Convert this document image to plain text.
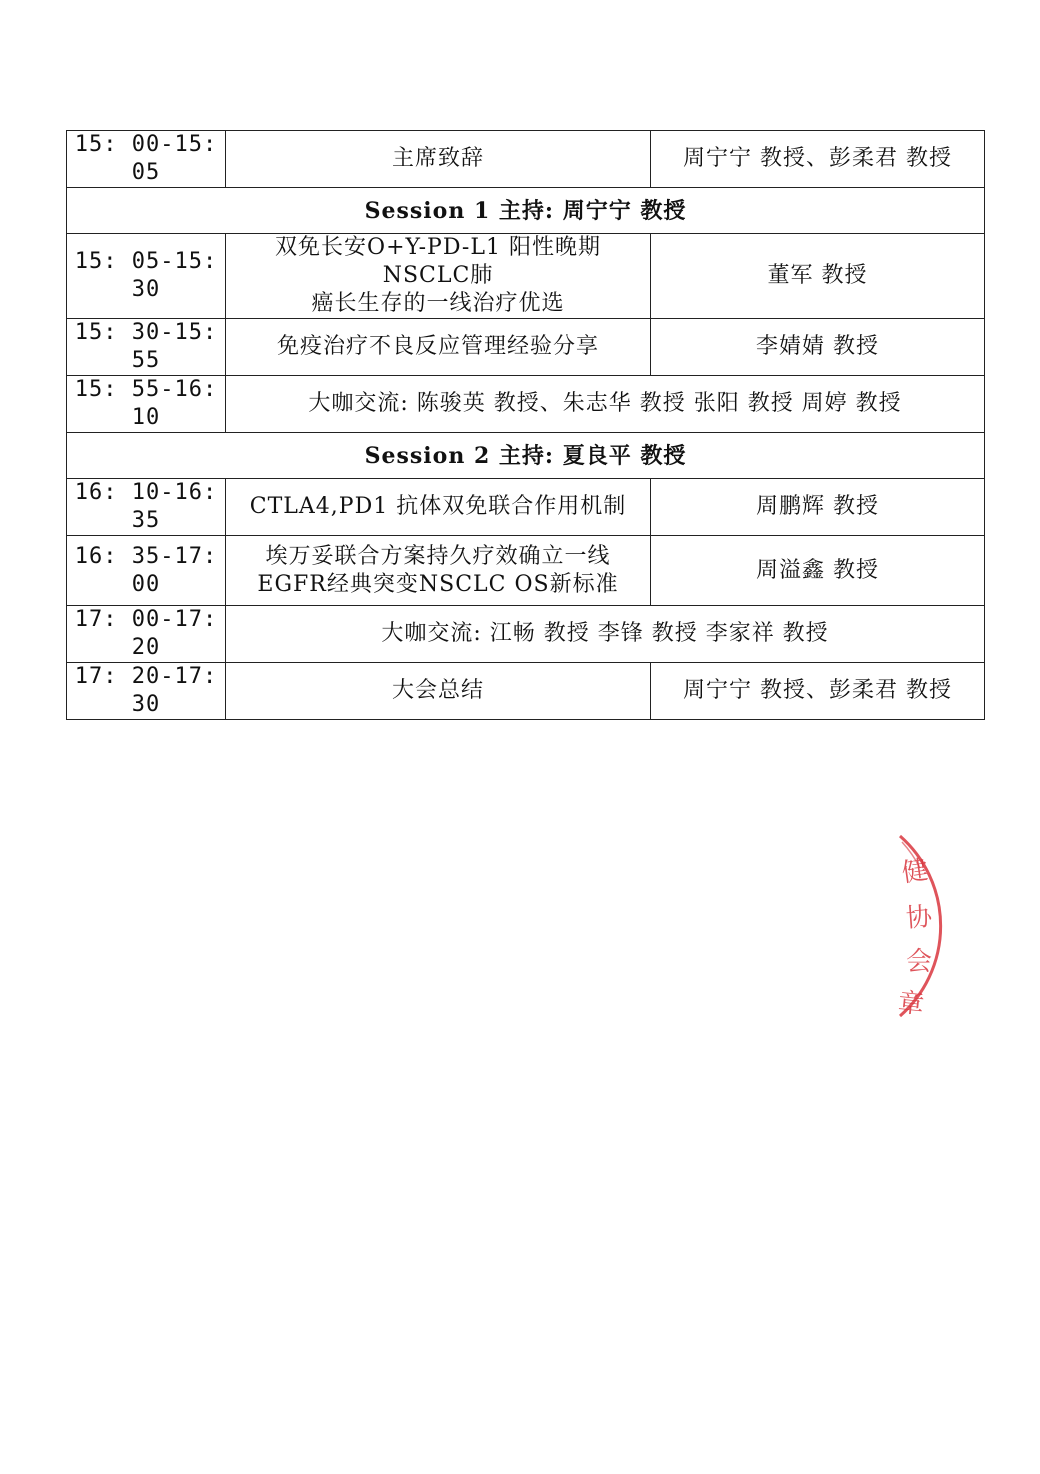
15: 00-15: 05	主席致辞	周宁宁 教授、彭柔君 教授
Session 1 主持: 周宁宁 教授		
15: 05-15: 30	双免长安O+Y-PD-L1 阳性晚期NSCLC肺
癌长生存的一线治疗优选	董军 教授
15: 30-15: 55	免疫治疗不良反应管理经验分享	李婧婧 教授
15: 55-16: 10	大咖交流: 陈骏英 教授、朱志华 教授 张阳 教授 周婷 教授	
Session 2 主持: 夏良平 教授		
16: 10-16: 35	CTLA4,PD1 抗体双免联合作用机制	周鹏辉 教授
16: 35-17: 00	埃万妥联合方案持久疗效确立一线
EGFR经典突变NSCLC OS新标准	周溢鑫 教授
17: 00-17: 20	大咖交流: 江畅 教授 李锋 教授 李家祥 教授	
17: 20-17: 30	大会总结	周宁宁 教授、彭柔君 教授
健
协
会
章
